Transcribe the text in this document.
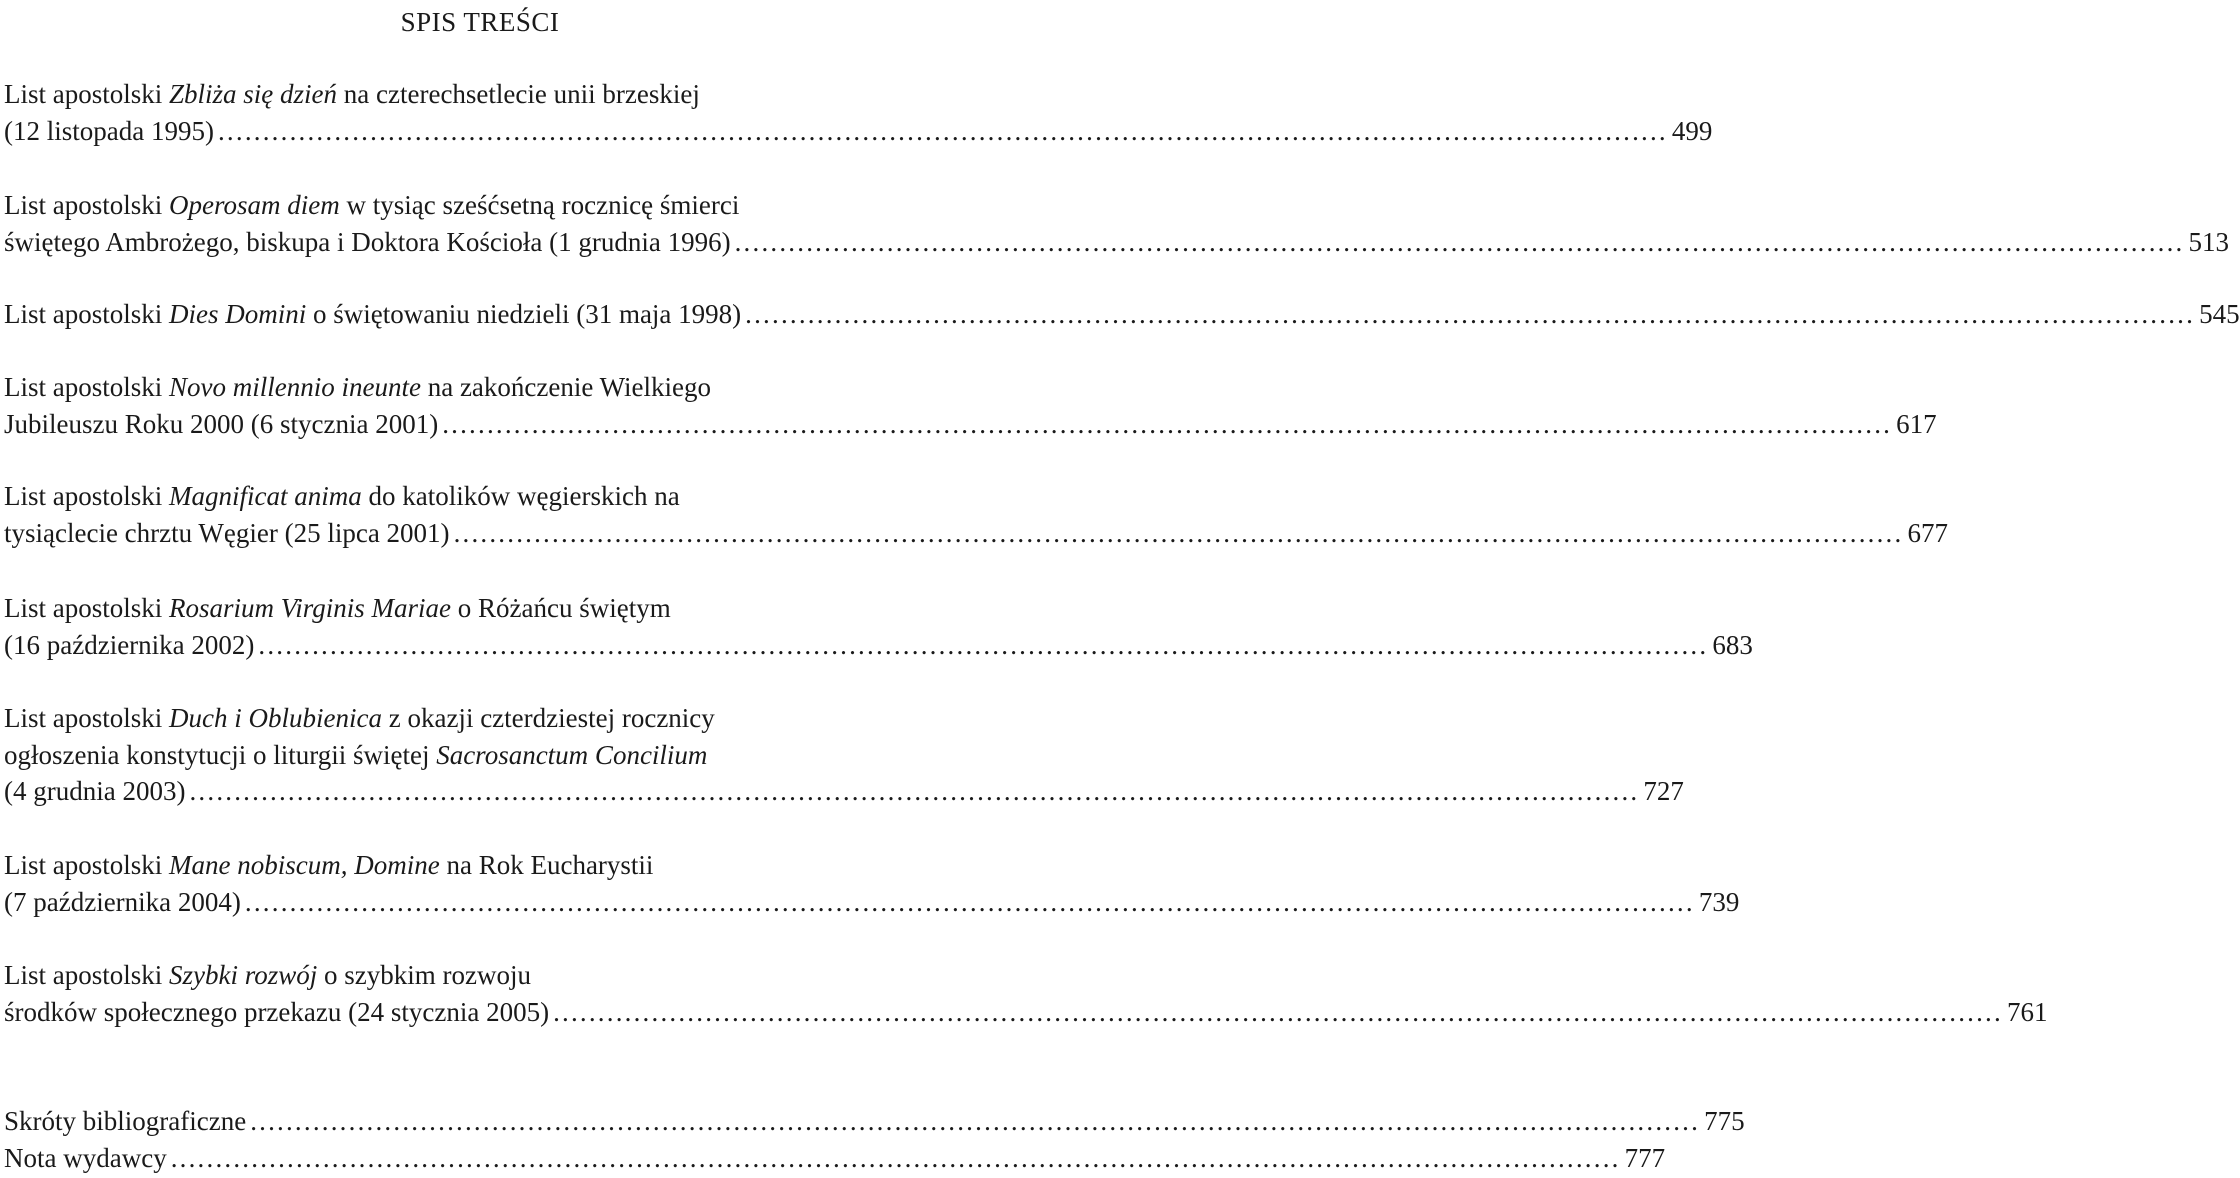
SPIS TREŚCI
List apostolski Zbliża się dzień na czterechsetlecie unii brzeskiej
(12 listopada 1995) .................................................................................................................................................................. 499
List apostolski Operosam diem w tysiąc sześćsetną rocznicę śmierci
świętego Ambrożego, biskupa i Doktora Kościoła (1 grudnia 1996) .................................................................................................................................................................. 513
List apostolski Dies Domini o świętowaniu niedzieli (31 maja 1998) .................................................................................................................................................................. 545
List apostolski Novo millennio ineunte na zakończenie Wielkiego
Jubileuszu Roku 2000 (6 stycznia 2001) .................................................................................................................................................................. 617
List apostolski Magnificat anima do katolików węgierskich na
tysiąclecie chrztu Węgier (25 lipca 2001) .................................................................................................................................................................. 677
List apostolski Rosarium Virginis Mariae o Różańcu świętym
(16 października 2002) .................................................................................................................................................................. 683
List apostolski Duch i Oblubienica z okazji czterdziestej rocznicy
ogłoszenia konstytucji o liturgii świętej Sacrosanctum Concilium
(4 grudnia 2003) .................................................................................................................................................................. 727
List apostolski Mane nobiscum, Domine na Rok Eucharystii
(7 października 2004) .................................................................................................................................................................. 739
List apostolski Szybki rozwój o szybkim rozwoju
środków społecznego przekazu (24 stycznia 2005) .................................................................................................................................................................. 761
Skróty bibliograficzne .................................................................................................................................................................. 775
Nota wydawcy .................................................................................................................................................................. 777
